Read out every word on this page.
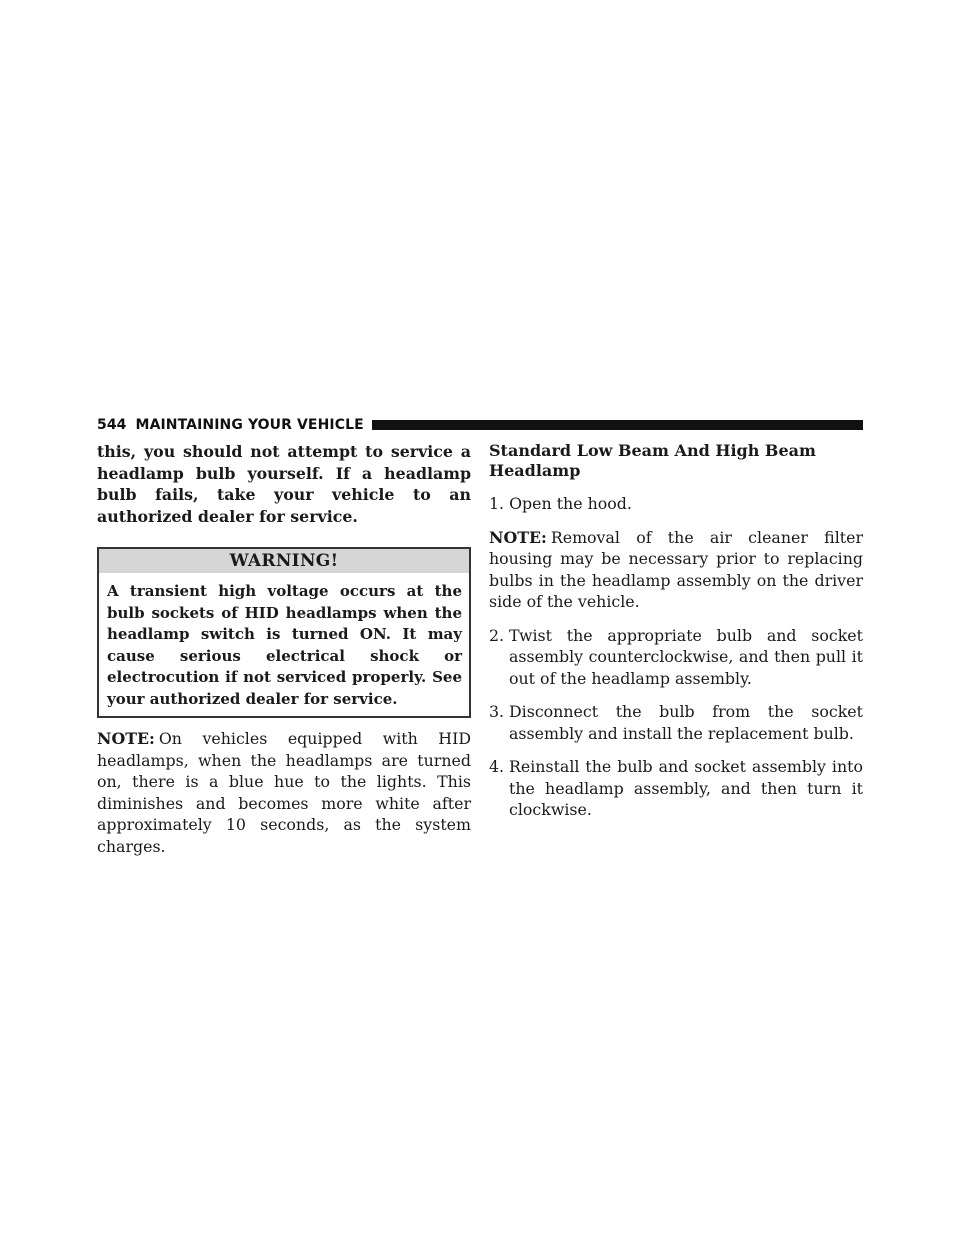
544 MAINTAINING YOUR VEHICLE

this, you should not attempt to service a headlamp bulb yourself. If a headlamp bulb fails, take your vehicle to an authorized dealer for service.

WARNING!

A transient high voltage occurs at the bulb sockets of HID headlamps when the headlamp switch is turned ON. It may cause serious electrical shock or electrocution if not serviced properly. See your authorized dealer for service.

NOTE: On vehicles equipped with HID headlamps, when the headlamps are turned on, there is a blue hue to the lights. This diminishes and becomes more white after approximately 10 seconds, as the system charges.

Standard Low Beam And High Beam Headlamp

1. Open the hood.

NOTE: Removal of the air cleaner filter housing may be necessary prior to replacing bulbs in the headlamp assembly on the driver side of the vehicle.

2. Twist the appropriate bulb and socket assembly counterclockwise, and then pull it out of the headlamp assembly.
3. Disconnect the bulb from the socket assembly and install the replacement bulb.
4. Reinstall the bulb and socket assembly into the headlamp assembly, and then turn it clockwise.
